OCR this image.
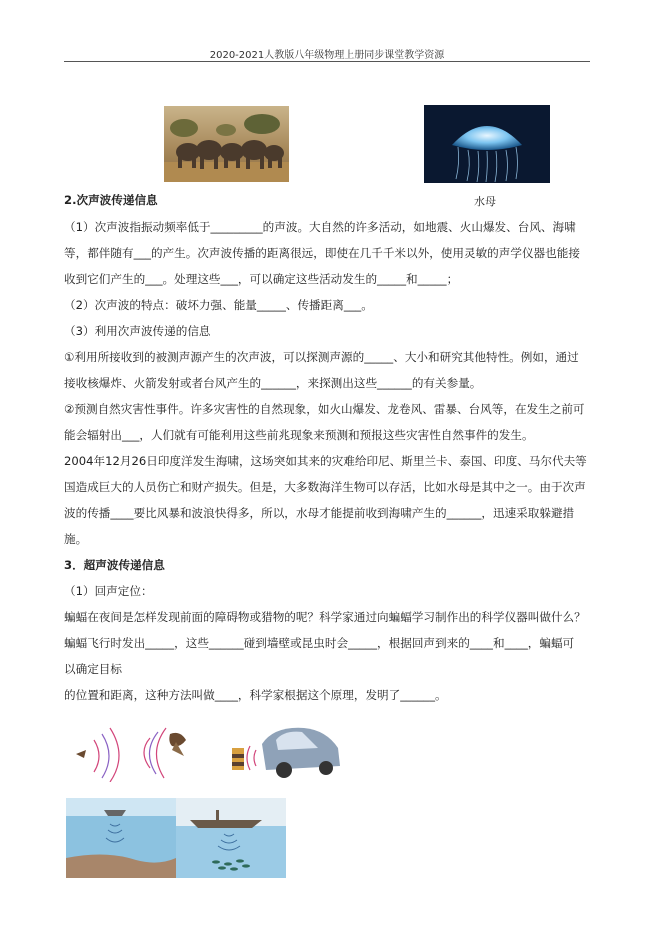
2020-2021人教版八年级物理上册同步课堂教学资源
水母
2.次声波传递信息
（1）次声波指振动频率低于_________的声波。大自然的许多活动，如地震、火山爆发、台风、海啸
等，都伴随有___的产生。次声波传播的距离很远，即使在几千千米以外，使用灵敏的声学仪器也能接
收到它们产生的___。处理这些___，可以确定这些活动发生的_____和_____；
（2）次声波的特点：破坏力强、能量_____、传播距离___。
（3）利用次声波传递的信息
①利用所接收到的被测声源产生的次声波，可以探测声源的_____、大小和研究其他特性。例如，通过
接收核爆炸、火箭发射或者台风产生的______，来探测出这些______的有关参量。
②预测自然灾害性事件。许多灾害性的自然现象，如火山爆发、龙卷风、雷暴、台风等，在发生之前可
能会辐射出___，人们就有可能利用这些前兆现象来预测和预报这些灾害性自然事件的发生。
2004年12月26日印度洋发生海啸，这场突如其来的灾难给印尼、斯里兰卡、泰国、印度、马尔代夫等
国造成巨大的人员伤亡和财产损失。但是，大多数海洋生物可以存活，比如水母是其中之一。由于次声
波的传播____要比风暴和波浪快得多，所以，水母才能提前收到海啸产生的______，迅速采取躲避措
施。
3．超声波传递信息
（1）回声定位：
蝙蝠在夜间是怎样发现前面的障碍物或猎物的呢？科学家通过向蝙蝠学习制作出的科学仪器叫做什么？
蝙蝠飞行时发出_____，这些______碰到墙壁或昆虫时会_____，根据回声到来的____和____，蝙蝠可
以确定目标
的位置和距离，这种方法叫做____，科学家根据这个原理，发明了______。
